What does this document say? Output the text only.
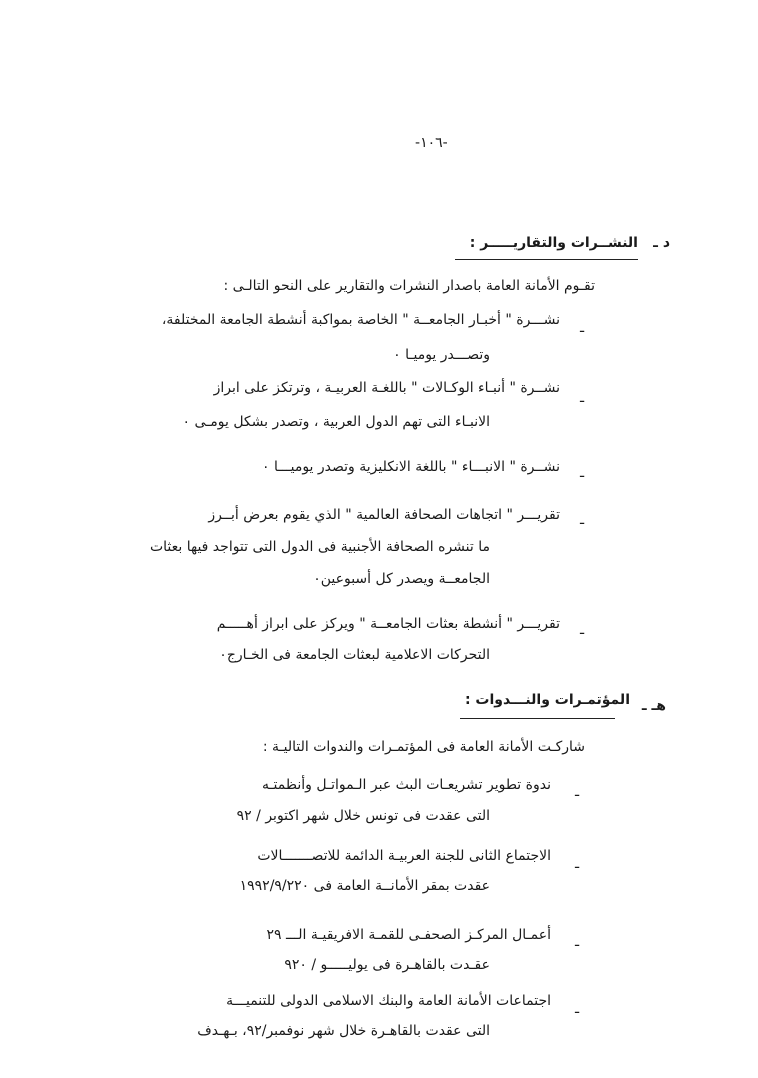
-١٠٦-
د ـ
النشــرات والتقاريـــــر :
تقـوم الأمانة العامة باصدار النشرات والتقارير على النحو التالـى :
ـ
نشـــرة " أخبـار الجامعــة " الخاصة بمواكبة أنشطة الجامعة المختلفة،
وتصـــدر يوميـا ٠
ـ
نشــرة " أنبـاء الوكـالات " باللغـة العربيـة ، وترتكز على ابراز
الانبـاء التى تهم الدول العربية ، وتصدر بشكل يومـى ٠
ـ
نشــرة " الانبـــاء " باللغة الانكليزية وتصدر يوميـــا ٠
ـ
تقريـــر " اتجاهات الصحافة العالمية " الذي يقوم بعرض أبــرز
ما تنشره الصحافة الأجنبية فى الدول التى تتواجد فيها بعثات
الجامعــة ويصدر كل أسبوعين٠
ـ
تقريـــر " أنشطة بعثات الجامعــة " ويركز على ابراز أهـــــم
التحركات الاعلامية لبعثات الجامعة فى الخـارج٠
هـ ـ
المؤتمـرات والنـــدوات :
شاركـت الأمانة العامة فى المؤتمـرات والندوات التاليـة :
ـ
ندوة تطوير تشريعـات البث عبر الـمواتـل وأنظمتـه
التى عقدت فى تونس خلال شهر اكتوبر / ٩٢
ـ
الاجتماع الثانى للجنة العربيـة الدائمة للاتصـــــــالات
عقدت بمقر الأمانــة العامة فى ١٩٩٢/٩/٢٢٠
ـ
أعمـال المركـز الصحفـى للقمـة الافريقيـة الـــ ٢٩
عقـدت بالقاهـرة فى يوليـــــو / ٩٢٠
ـ
اجتماعات الأمانة العامة والبنك الاسلامى الدولى للتنميـــة
التى عقدت بالقاهـرة خلال شهر نوفمبر/٩٢، بـهـدف
